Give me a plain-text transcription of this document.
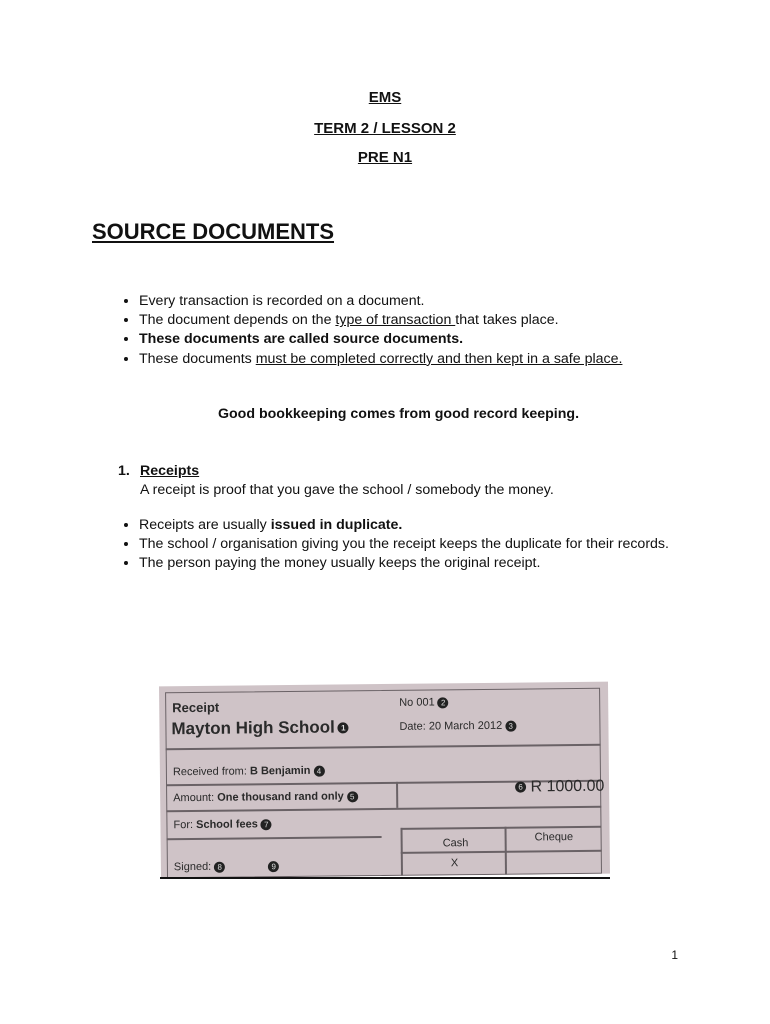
EMS
TERM 2 / LESSON 2
PRE N1
SOURCE DOCUMENTS
• Every transaction is recorded on a document.
• The document depends on the type of transaction that takes place.
• These documents are called source documents.
• These documents must be completed correctly and then kept in a safe place.
Good bookkeeping comes from good record keeping.
1. Receipts
A receipt is proof that you gave the school / somebody the money.
• Receipts are usually issued in duplicate.
• The school / organisation giving you the receipt keeps the duplicate for their records.
• The person paying the money usually keeps the original receipt.
Receipt
Mayton High School 1
No 001 2
Date: 20 March 2012 3
Received from: B Benjamin 4
Amount: One thousand rand only 5
6 R 1000.00
For: School fees 7
Cash	Cheque
X
Signed: 8	9
1
